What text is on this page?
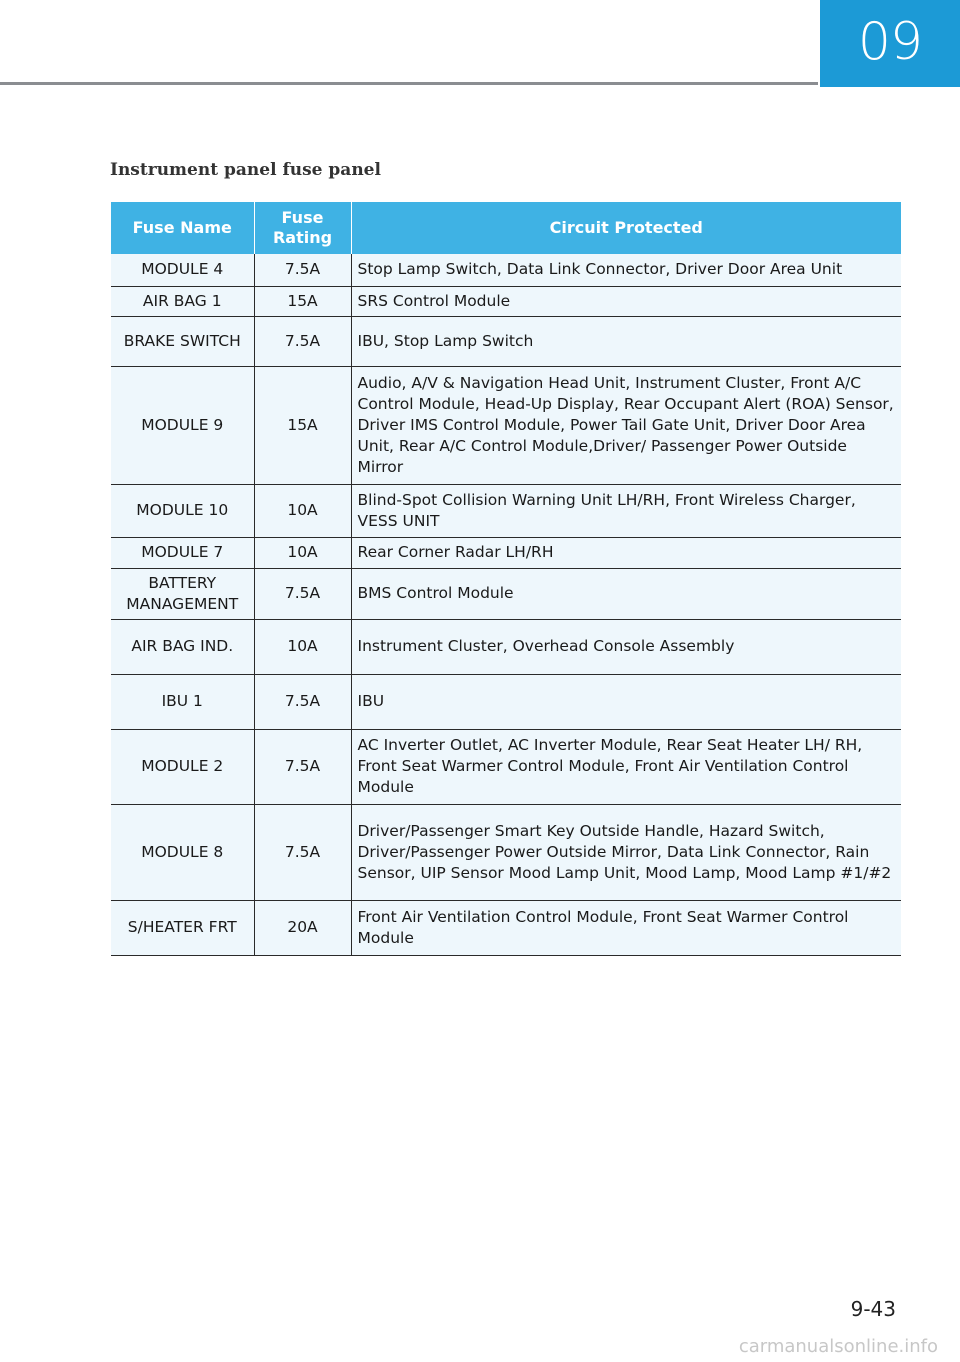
09
Instrument panel fuse panel
Fuse Name	Fuse Rating	Circuit Protected
MODULE 4	7.5A	Stop Lamp Switch, Data Link Connector, Driver Door Area Unit
AIR BAG 1	15A	SRS Control Module
BRAKE SWITCH	7.5A	IBU, Stop Lamp Switch
MODULE 9	15A	Audio, A/V & Navigation Head Unit, Instrument Cluster, Front A/C Control Module, Head-Up Display, Rear Occupant Alert (ROA) Sensor, Driver IMS Control Module, Power Tail Gate Unit, Driver Door Area Unit, Rear A/C Control Module,Driver/ Passenger Power Outside Mirror
MODULE 10	10A	Blind-Spot Collision Warning Unit LH/RH, Front Wireless Charger, VESS UNIT
MODULE 7	10A	Rear Corner Radar LH/RH
BATTERY MANAGEMENT	7.5A	BMS Control Module
AIR BAG IND.	10A	Instrument Cluster, Overhead Console Assembly
IBU 1	7.5A	IBU
MODULE 2	7.5A	AC Inverter Outlet, AC Inverter Module, Rear Seat Heater LH/ RH, Front Seat Warmer Control Module, Front Air Ventilation Control Module
MODULE 8	7.5A	Driver/Passenger Smart Key Outside Handle, Hazard Switch, Driver/Passenger Power Outside Mirror, Data Link Connector, Rain Sensor, UIP Sensor Mood Lamp Unit, Mood Lamp, Mood Lamp #1/#2
S/HEATER FRT	20A	Front Air Ventilation Control Module, Front Seat Warmer Control Module
9-43
carmanualsonline.info
